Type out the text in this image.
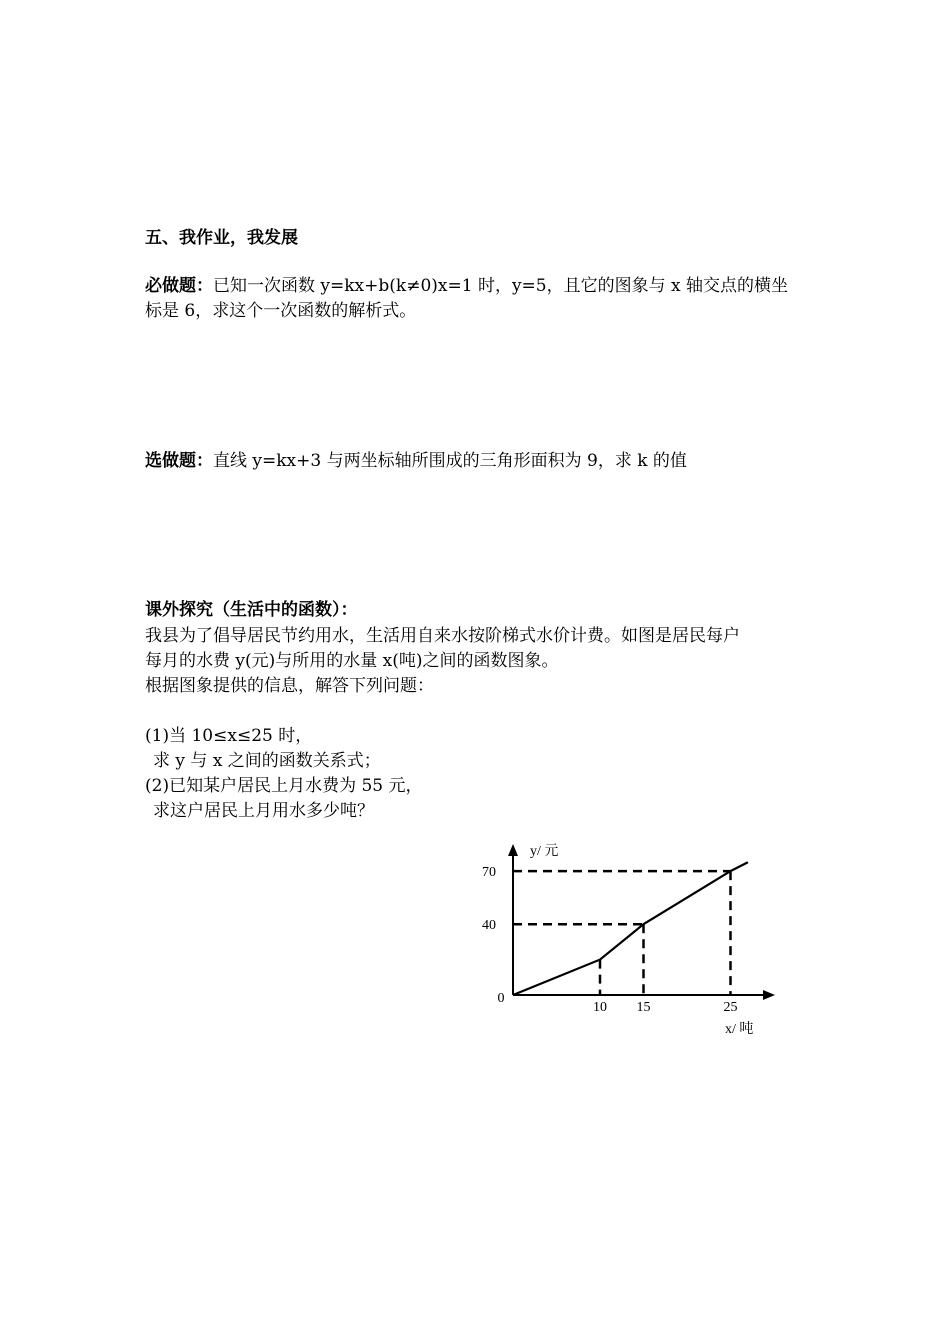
五、我作业，我发展
必做题：已知一次函数 y=kx+b(k≠0)x=1 时，y=5，且它的图象与 x 轴交点的横坐
标是 6，求这个一次函数的解析式。
选做题：直线 y=kx+3 与两坐标轴所围成的三角形面积为 9，求 k 的值
课外探究（生活中的函数）：
我县为了倡导居民节约用水，生活用自来水按阶梯式水价计费。如图是居民每户
每月的水费 y(元)与所用的水量 x(吨)之间的函数图象。
根据图象提供的信息，解答下列问题：
(1)当 10≤x≤25 时，
求 y 与 x 之间的函数关系式；
(2)已知某户居民上月水费为 55 元，
求这户居民上月用水多少吨？
y/ 元
x/ 吨
0
10 15	25
70
40
